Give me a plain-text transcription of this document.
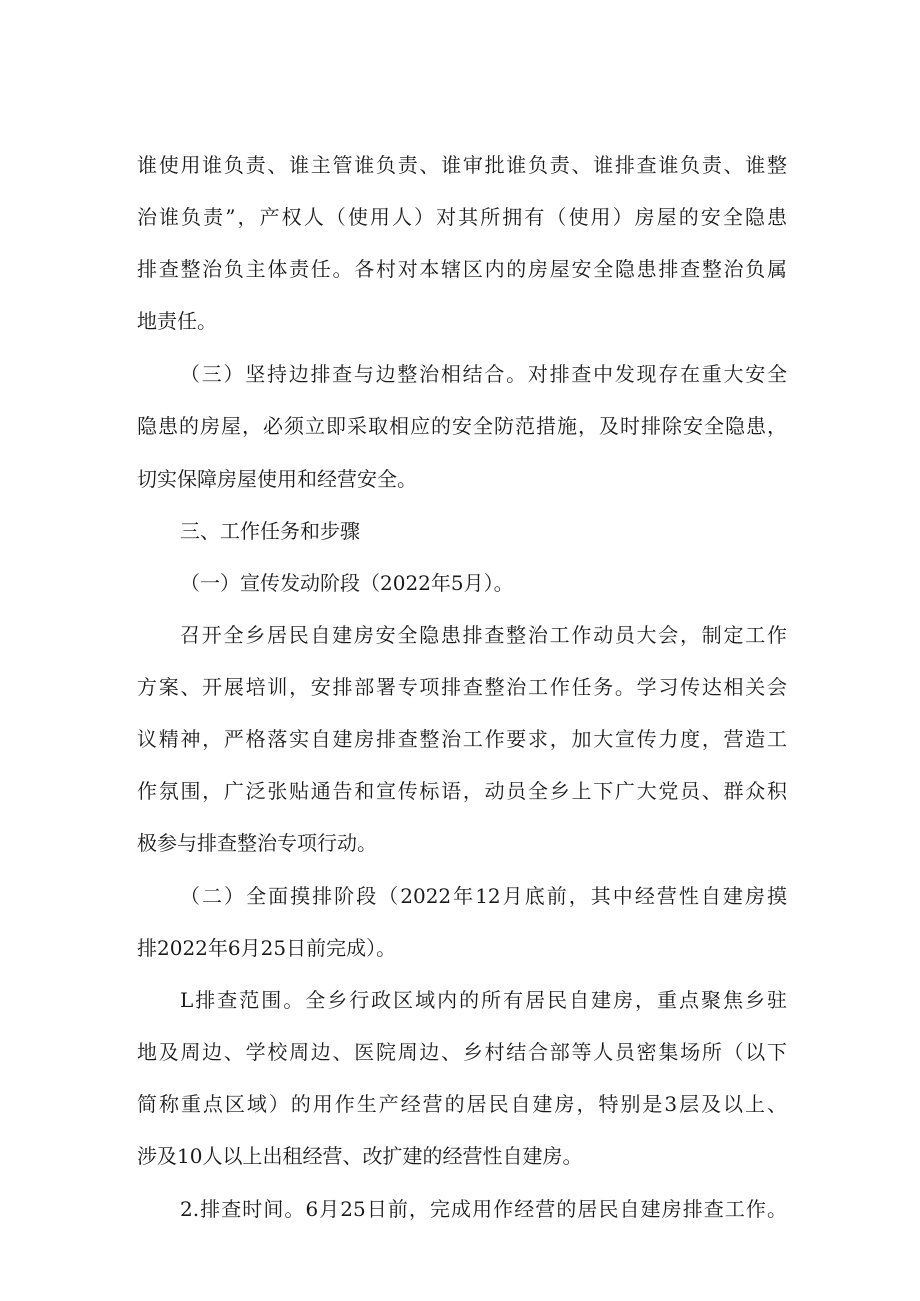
谁使用谁负责、谁主管谁负责、谁审批谁负责、谁排查谁负责、谁整

治谁负责”，产权人（使用人）对其所拥有（使用）房屋的安全隐患

排查整治负主体责任。各村对本辖区内的房屋安全隐患排查整治负属

地责任。

（三）坚持边排查与边整治相结合。对排查中发现存在重大安全

隐患的房屋，必须立即采取相应的安全防范措施，及时排除安全隐患，

切实保障房屋使用和经营安全。

三、工作任务和步骤

（一）宣传发动阶段（2022年5月）。

召开全乡居民自建房安全隐患排查整治工作动员大会，制定工作

方案、开展培训，安排部署专项排查整治工作任务。学习传达相关会

议精神，严格落实自建房排查整治工作要求，加大宣传力度，营造工

作氛围，广泛张贴通告和宣传标语，动员全乡上下广大党员、群众积

极参与排查整治专项行动。

（二）全面摸排阶段（2022年12月底前，其中经营性自建房摸

排2022年6月25日前完成）。

L排查范围。全乡行政区域内的所有居民自建房，重点聚焦乡驻

地及周边、学校周边、医院周边、乡村结合部等人员密集场所（以下

简称重点区域）的用作生产经营的居民自建房，特别是3层及以上、

涉及10人以上出租经营、改扩建的经营性自建房。

2.排查时间。6月25日前，完成用作经营的居民自建房排查工作。
